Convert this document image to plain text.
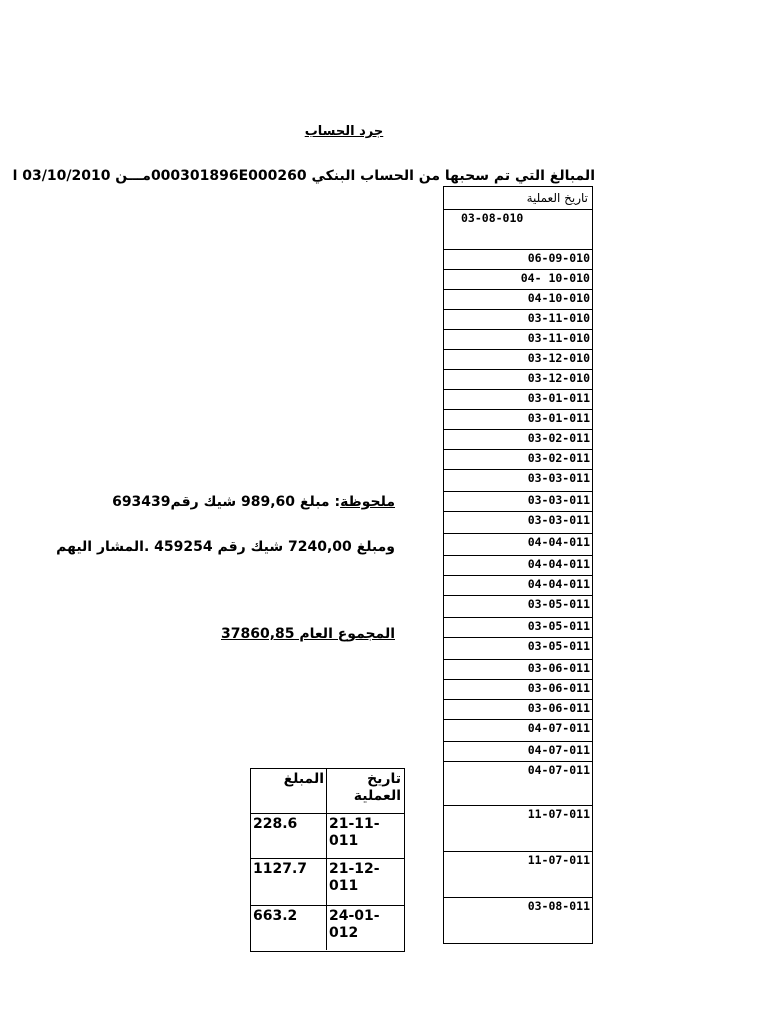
جرد الحساب
المبالغ التي تم سحبها من الحساب البنكي 000301896E000260مـــن 03/10/2010 ا
ملحوظة: مبلغ 989,60 شيك رقم693439
ومبلغ 7240,00 شيك رقم 459254 .المشار اليهم
المجموع العام 37860,85
تاريخ العملية
03-08-010
06-09-010
04- 10-010
04-10-010
03-11-010
03-11-010
03-12-010
03-12-010
03-01-011
03-01-011
03-02-011
03-02-011
03-03-011
03-03-011
03-03-011
04-04-011
04-04-011
04-04-011
03-05-011
03-05-011
03-05-011
03-06-011
03-06-011
03-06-011
04-07-011
04-07-011
04-07-011
11-07-011
11-07-011
03-08-011
المبلغ	تاريخ العملية
228.6	21-11-011
1127.7	21-12-011
663.2	24-01-012
